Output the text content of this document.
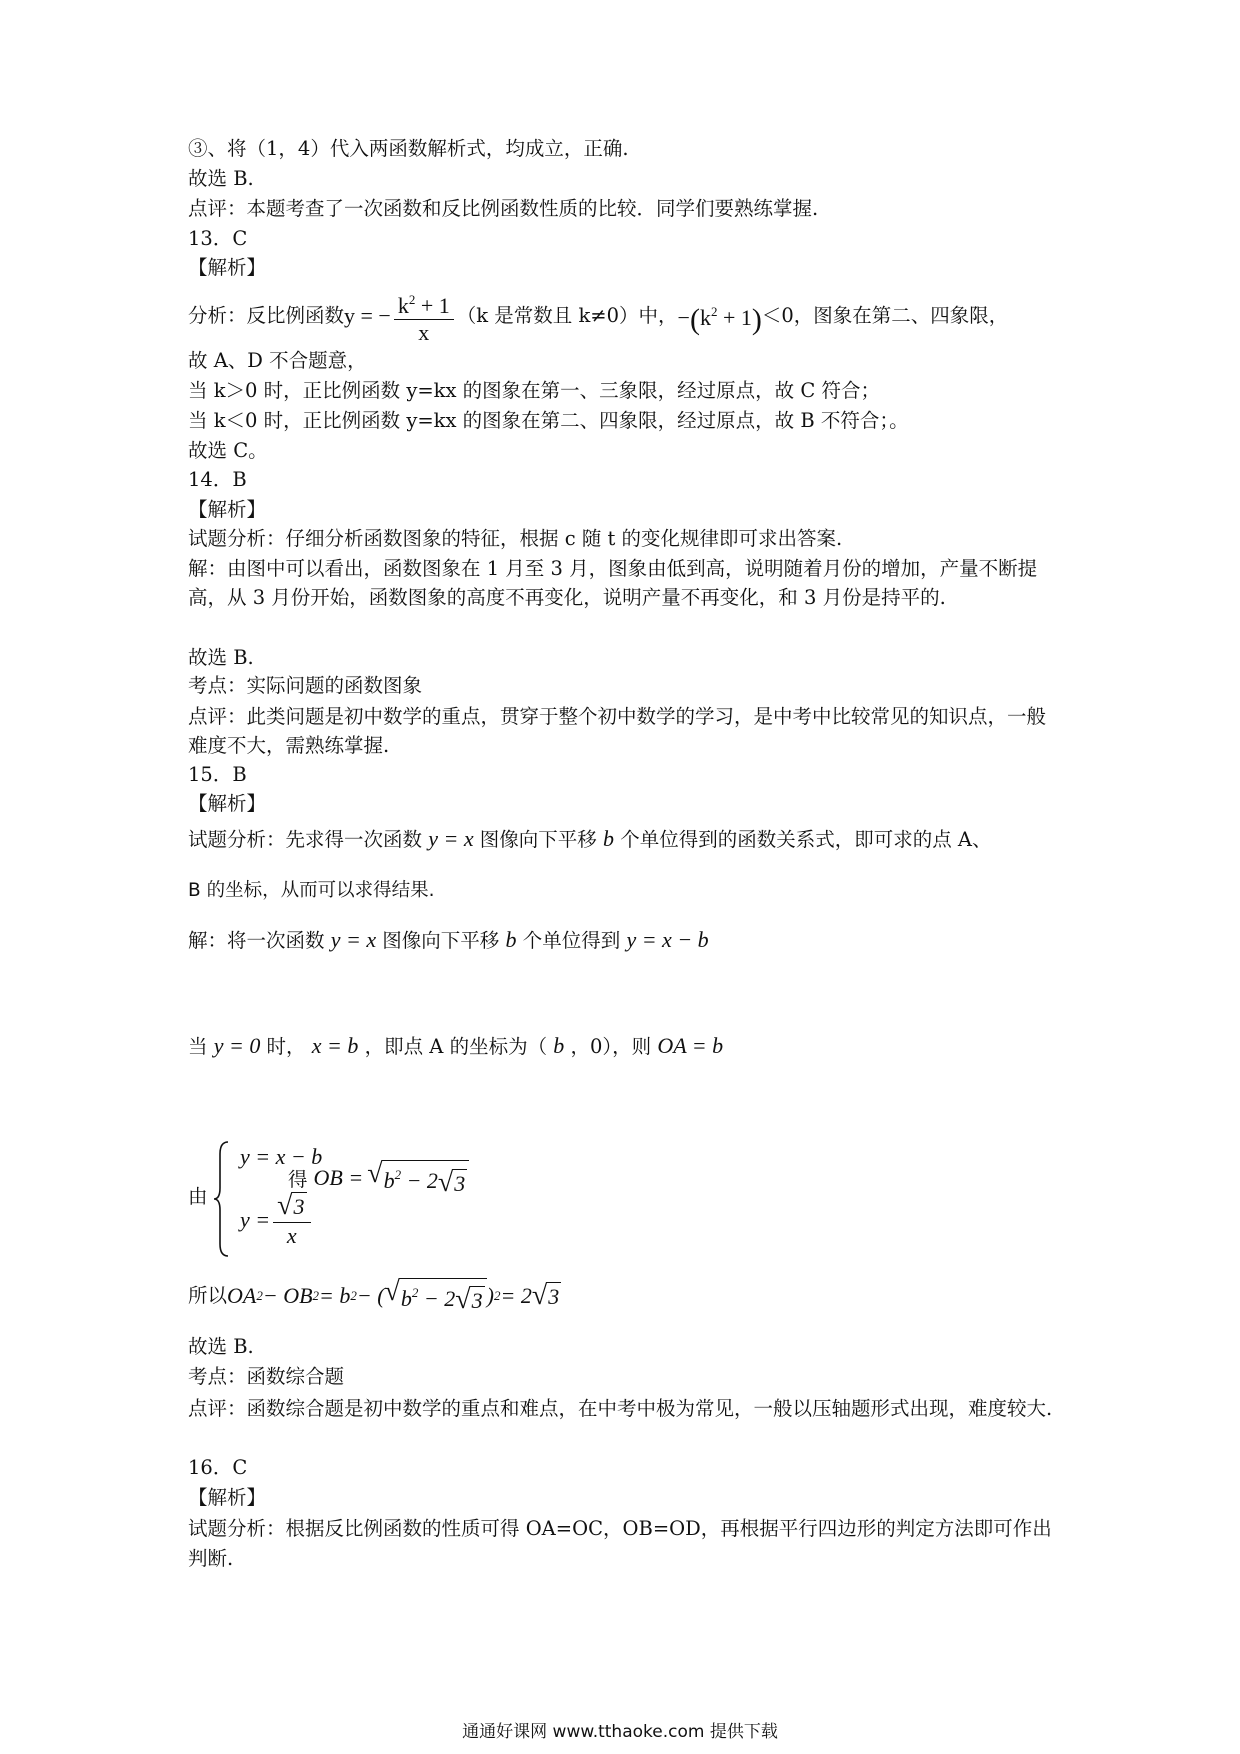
③、将（1，4）代入两函数解析式，均成立，正确.
故选 B.
点评：本题考查了一次函数和反比例函数性质的比较．同学们要熟练掌握.
13．C
【解析】
分析：反比例函数 y = − $\frac{k^2 + 1}{x} (k$ 是常数且 k≠0）中， $-(k^2 + 1) <0$，图象在第二、四象限，
故 A、D 不合题意，
当 k＞0 时，正比例函数 y=kx 的图象在第一、三象限，经过原点，故 C 符合；
当 k＜0 时，正比例函数 y=kx 的图象在第二、四象限，经过原点，故 B 不符合；。
故选 C。
14．B
【解析】
试题分析：仔细分析函数图象的特征，根据 c 随 t 的变化规律即可求出答案.
解：由图中可以看出，函数图象在 1 月至 3 月，图象由低到高，说明随着月份的增加，产量不断提高，从 3 月份开始，函数图象的高度不再变化，说明产量不再变化，和 3 月份是持平的.
故选 B.
考点：实际问题的函数图象
点评：此类问题是初中数学的重点，贯穿于整个初中数学的学习，是中考中比较常见的知识点，一般难度不大，需熟练掌握.
15．B
【解析】
试题分析：先求得一次函数 y = x 图像向下平移 b 个单位得到的函数关系式，即可求的点 A、
B 的坐标，从而可以求得结果.
解：将一次函数 y = x 图像向下平移 b 个单位得到 y = x − b
当 y = 0 时， x = b ，即点 A 的坐标为（ b ，0），则 OA = b
由
y = x − b
$y = \frac{√ 3}{x}$
得 OB = √ $b^2 - 2$ √ 3
所以 OA 2 − OB 2 = b 2 − ( √ $b^2 - 2$ √ 3 ) 2 = 2 √ 3
故选 B.
考点：函数综合题
点评：函数综合题是初中数学的重点和难点，在中考中极为常见，一般以压轴题形式出现，难度较大.
16．C
【解析】
试题分析：根据反比例函数的性质可得 OA=OC，OB=OD，再根据平行四边形的判定方法即可作出判断.
通通好课网 www.tthaoke.com 提供下载
